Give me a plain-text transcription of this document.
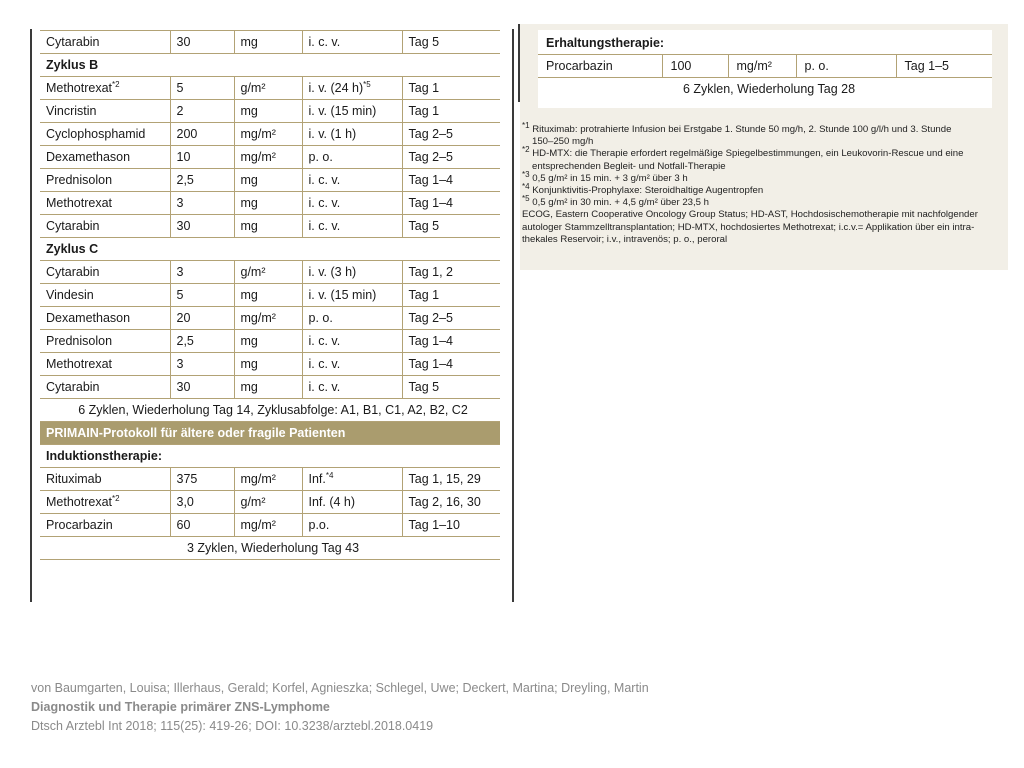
Cytarabin	30	mg	i. c. v.	Tag 5
Zyklus B				
Methotrexat$^{*2}$	5	g/m²	i. v. (24 h)$^{*5}$	Tag 1
Vincristin	2	mg	i. v. (15 min)	Tag 1
Cyclophosphamid	200	mg/m²	i. v. (1 h)	Tag 2–5
Dexamethason	10	mg/m²	p. o.	Tag 2–5
Prednisolon	2,5	mg	i. c. v.	Tag 1–4
Methotrexat	3	mg	i. c. v.	Tag 1–4
Cytarabin	30	mg	i. c. v.	Tag 5
Zyklus C				
Cytarabin	3	g/m²	i. v. (3 h)	Tag 1, 2
Vindesin	5	mg	i. v. (15 min)	Tag 1
Dexamethason	20	mg/m²	p. o.	Tag 2–5
Prednisolon	2,5	mg	i. c. v.	Tag 1–4
Methotrexat	3	mg	i. c. v.	Tag 1–4
Cytarabin	30	mg	i. c. v.	Tag 5
6 Zyklen, Wiederholung Tag 14, Zyklusabfolge: A1, B1, C1, A2, B2, C2				
PRIMAIN-Protokoll für ältere oder fragile Patienten				
Induktionstherapie:				
Rituximab	375	mg/m²	Inf.$^{*4}$	Tag 1, 15, 29
Methotrexat$^{*2}$	3,0	g/m²	Inf. (4 h)	Tag 2, 16, 30
Procarbazin	60	mg/m²	p.o.	Tag 1–10
3 Zyklen, Wiederholung Tag 43				
Erhaltungstherapie:
Procarbazin	100	mg/m²	p. o.	Tag 1–5
6 Zyklen, Wiederholung Tag 28
$^{*1}$ Rituximab: protrahierte Infusion bei Erstgabe 1. Stunde 50 mg/h, 2. Stunde 100 g/l/h und 3. Stunde
150–250 mg/h
$^{*2}$ HD-MTX: die Therapie erfordert regelmäßige Spiegelbestimmungen, ein Leukovorin-Rescue und eine
entsprechenden Begleit- und Notfall-Therapie
$^{*3}$ 0,5 g/m² in 15 min. + 3 g/m² über 3 h
$^{*4}$ Konjunktivitis-Prophylaxe: Steroidhaltige Augentropfen
$^{*5}$ 0,5 g/m² in 30 min. + 4,5 g/m² über 23,5 h
ECOG, Eastern Cooperative Oncology Group Status; HD-AST, Hochdosischemotherapie mit nachfolgender
autologer Stammzelltransplantation; HD-MTX, hochdosiertes Methotrexat; i.c.v.= Applikation über ein intra-
thekales Reservoir; i.v., intravenös; p. o., peroral
von Baumgarten, Louisa; Illerhaus, Gerald; Korfel, Agnieszka; Schlegel, Uwe; Deckert, Martina; Dreyling, Martin
Diagnostik und Therapie primärer ZNS-Lymphome
Dtsch Arztebl Int 2018; 115(25): 419-26; DOI: 10.3238/arztebl.2018.0419
